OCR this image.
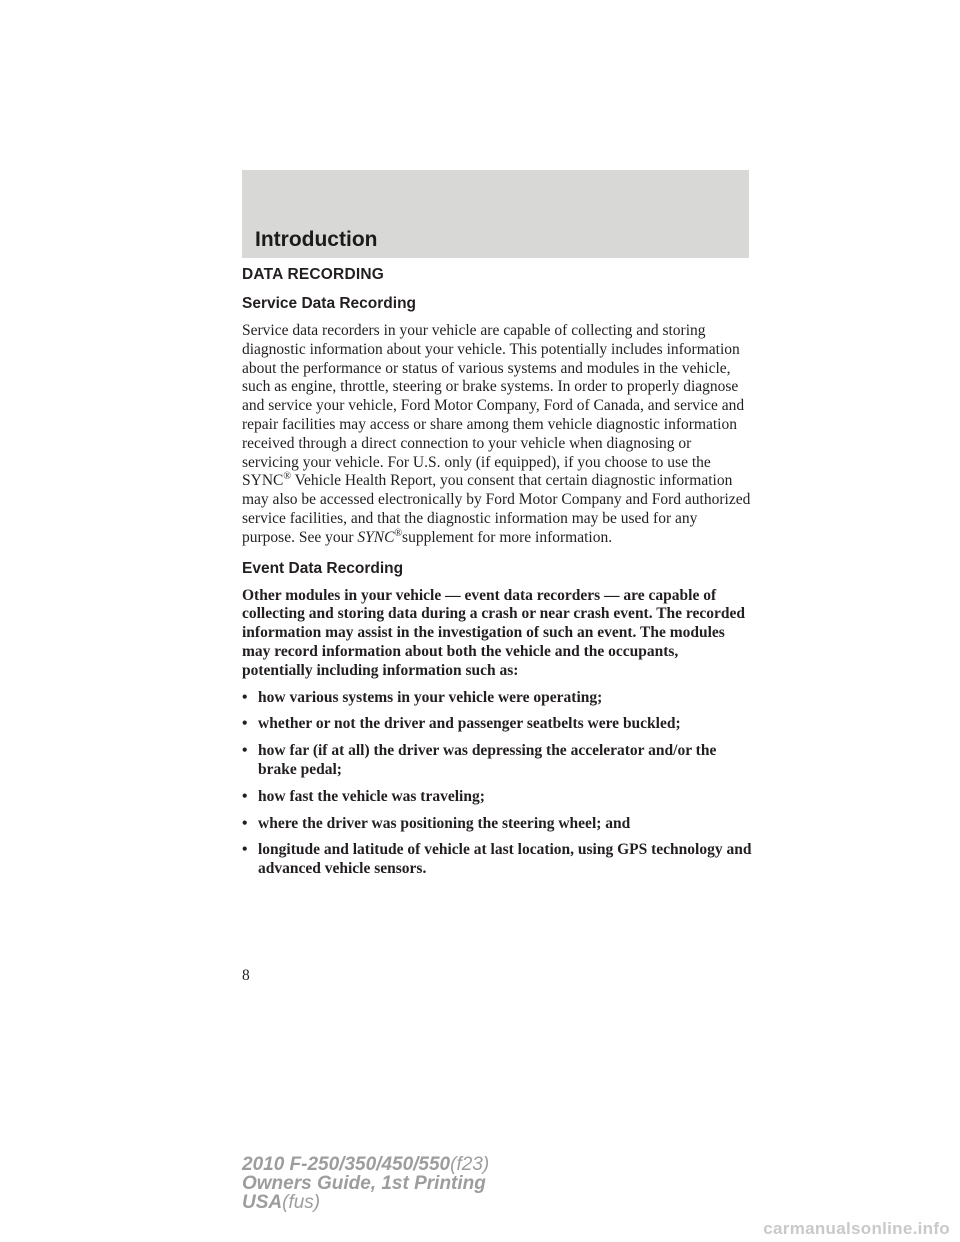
Introduction
DATA RECORDING
Service Data Recording

Service data recorders in your vehicle are capable of collecting and storing diagnostic information about your vehicle. This potentially includes information about the performance or status of various systems and modules in the vehicle, such as engine, throttle, steering or brake systems. In order to properly diagnose and service your vehicle, Ford Motor Company, Ford of Canada, and service and repair facilities may access or share among them vehicle diagnostic information received through a direct connection to your vehicle when diagnosing or servicing your vehicle. For U.S. only (if equipped), if you choose to use the SYNC® Vehicle Health Report, you consent that certain diagnostic information may also be accessed electronically by Ford Motor Company and Ford authorized service facilities, and that the diagnostic information may be used for any purpose. See your SYNC®supplement for more information.

Event Data Recording

Other modules in your vehicle — event data recorders — are capable of collecting and storing data during a crash or near crash event. The recorded information may assist in the investigation of such an event. The modules may record information about both the vehicle and the occupants, potentially including information such as:

• how various systems in your vehicle were operating;
• whether or not the driver and passenger seatbelts were buckled;
• how far (if at all) the driver was depressing the accelerator and/or the brake pedal;
• how fast the vehicle was traveling;
• where the driver was positioning the steering wheel; and
• longitude and latitude of vehicle at last location, using GPS technology and advanced vehicle sensors.
8
2010 F-250/350/450/550(f23)
Owners Guide, 1st Printing
USA(fus)
carmanualsonline.info
